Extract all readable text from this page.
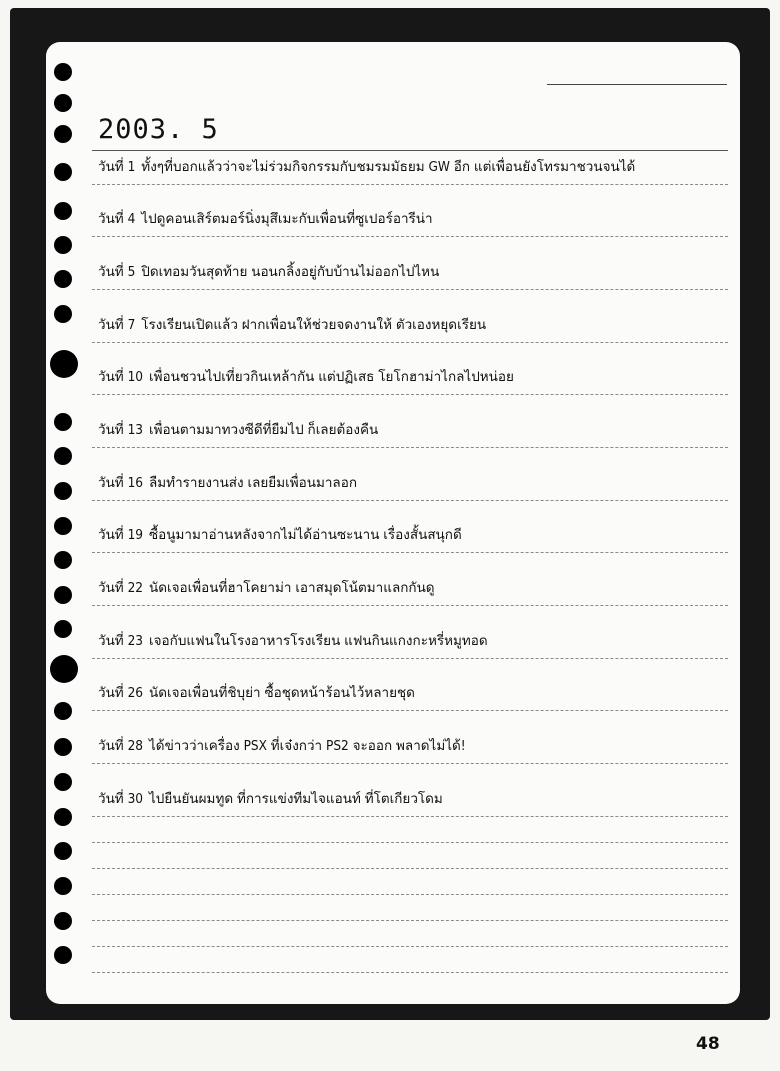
2003. 5
วันที่ 1 ทั้งๆที่บอกแล้วว่าจะไม่ร่วมกิจกรรมกับชมรมมัธยม GW อีก แต่เพื่อนยังโทรมาชวนจนได้
วันที่ 4 ไปดูคอนเสิร์ตมอร์นิ่งมุสึเมะกับเพื่อนที่ซูเปอร์อารีน่า
วันที่ 5 ปิดเทอมวันสุดท้าย นอนกลิ้งอยู่กับบ้านไม่ออกไปไหน
วันที่ 7 โรงเรียนเปิดแล้ว ฝากเพื่อนให้ช่วยจดงานให้ ตัวเองหยุดเรียน
วันที่ 10 เพื่อนชวนไปเที่ยวกินเหล้ากัน แต่ปฏิเสธ โยโกฮาม่าไกลไปหน่อย
วันที่ 13 เพื่อนตามมาทวงซีดีที่ยืมไป ก็เลยต้องคืน
วันที่ 16 ลืมทำรายงานส่ง เลยยืมเพื่อนมาลอก
วันที่ 19 ซื้อนูมามาอ่านหลังจากไม่ได้อ่านซะนาน เรื่องสั้นสนุกดี
วันที่ 22 นัดเจอเพื่อนที่ฮาโคยาม่า เอาสมุดโน้ตมาแลกกันดู
วันที่ 23 เจอกับแฟนในโรงอาหารโรงเรียน แฟนกินแกงกะหรี่หมูทอด
วันที่ 26 นัดเจอเพื่อนที่ชิบุย่า ซื้อชุดหน้าร้อนไว้หลายชุด
วันที่ 28 ได้ข่าวว่าเครื่อง PSX ที่เจ๋งกว่า PS2 จะออก พลาดไม่ได้!
วันที่ 30 ไปยืนยันผมทูด ที่การแข่งทีมไจแอนท์ ที่โตเกียวโดม
48
